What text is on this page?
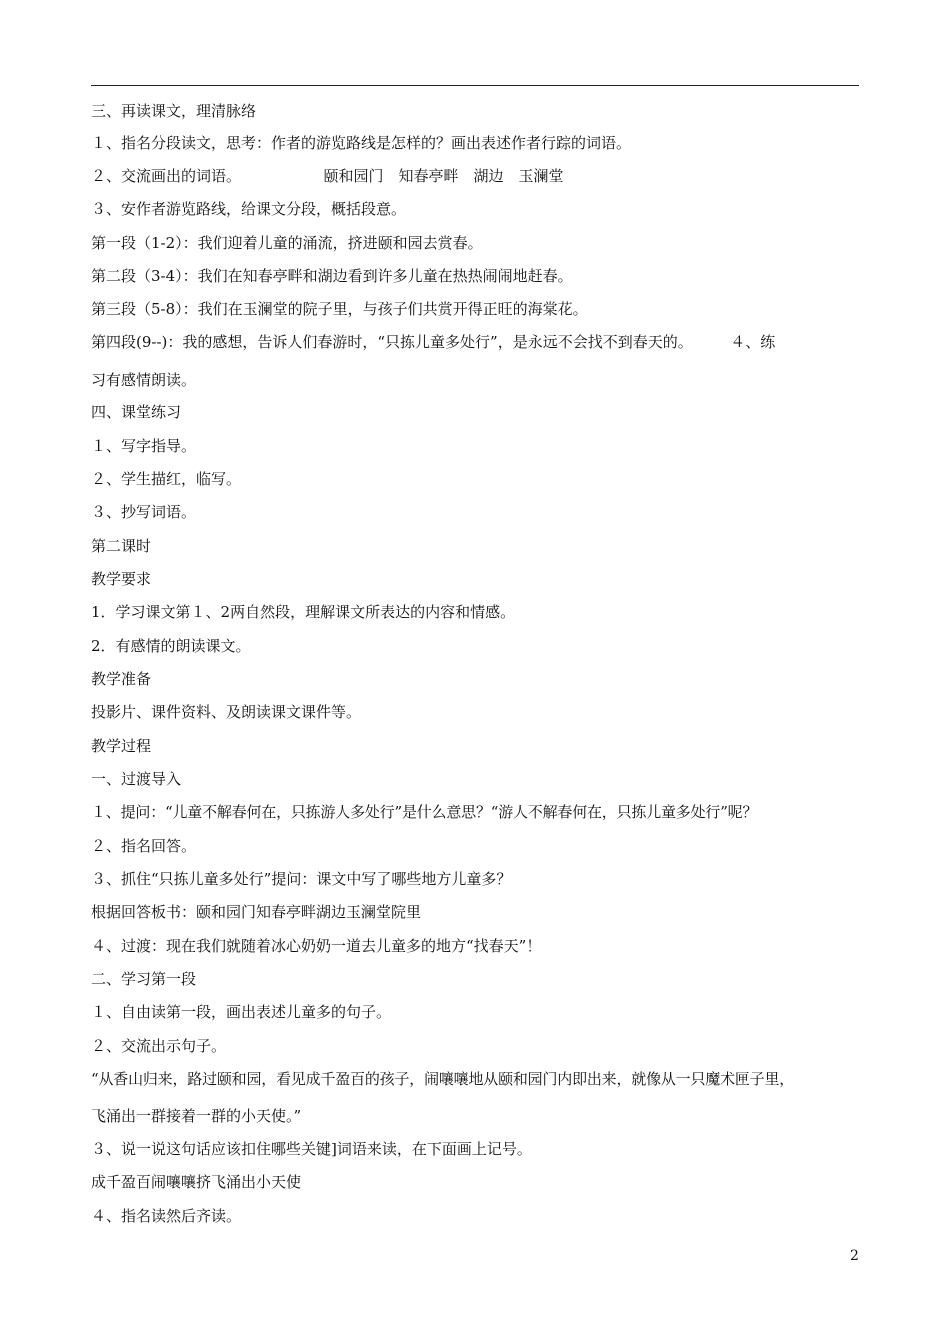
三、再读课文，理清脉络
１、指名分段读文，思考：作者的游览路线是怎样的？画出表述作者行踪的词语。
２、交流画出的词语。　　　　　　颐和园门　知春亭畔　湖边　玉澜堂
３、安作者游览路线，给课文分段，概括段意。
第一段（1-2）：我们迎着儿童的涌流，挤进颐和园去赏春。
第二段（3-4）：我们在知春亭畔和湖边看到许多儿童在热热闹闹地赶春。
第三段（5-8）：我们在玉澜堂的院子里，与孩子们共赏开得正旺的海棠花。
第四段(9--)：我的感想，告诉人们春游时，“只拣儿童多处行”，是永远不会找不到春天的。　　　４、练
习有感情朗读。
四、课堂练习
１、写字指导。
２、学生描红，临写。
３、抄写词语。
第二课时
教学要求
1．学习课文第１、2两自然段，理解课文所表达的内容和情感。
2．有感情的朗读课文。
教学准备
投影片、课件资料、及朗读课文课件等。
教学过程
一、过渡导入
１、提问：“儿童不解春何在，只拣游人多处行”是什么意思？“游人不解春何在，只拣儿童多处行”呢？
２、指名回答。
３、抓住“只拣儿童多处行”提问：课文中写了哪些地方儿童多？
根据回答板书：颐和园门知春亭畔湖边玉澜堂院里
４、过渡：现在我们就随着冰心奶奶一道去儿童多的地方“找春天”！
二、学习第一段
１、自由读第一段，画出表述儿童多的句子。
２、交流出示句子。
“从香山归来，路过颐和园，看见成千盈百的孩子，闹嚷嚷地从颐和园门内即出来，就像从一只魔术匣子里，
飞涌出一群接着一群的小天使。”
３、说一说这句话应该扣住哪些关键]词语来读，在下面画上记号。
成千盈百闹嚷嚷挤飞涌出小天使
４、指名读然后齐读。
2
